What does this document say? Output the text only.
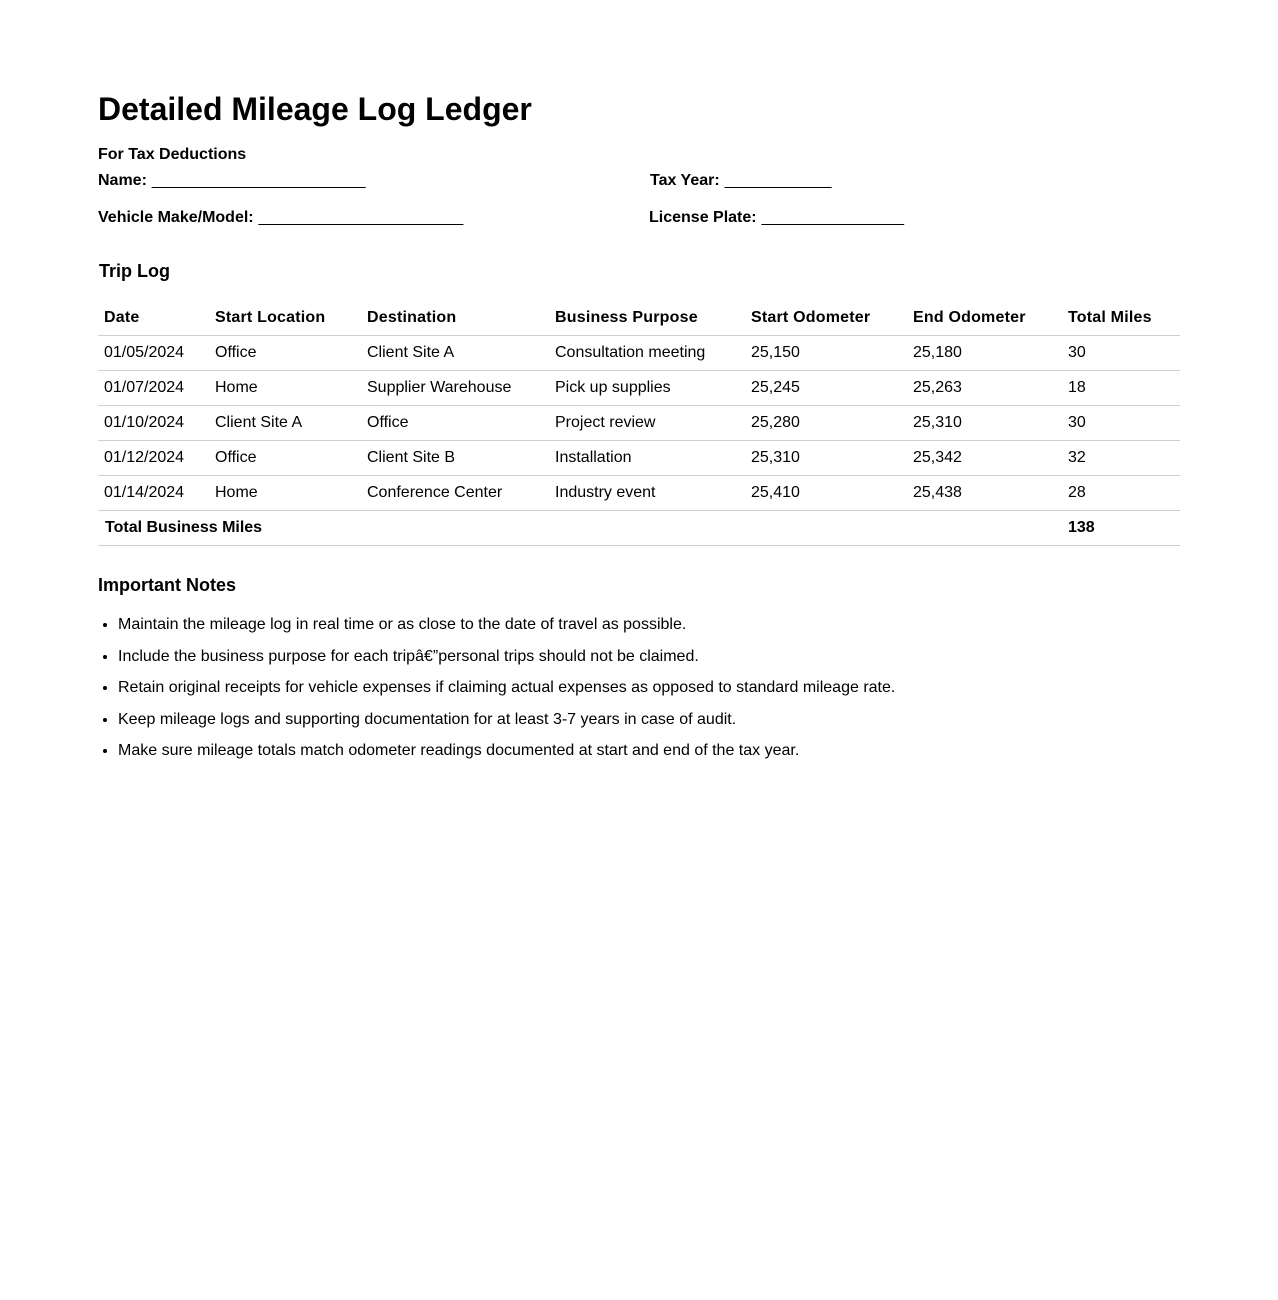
Detailed Mileage Log Ledger
For Tax Deductions
Name: ________________________	Tax Year: ____________
Vehicle Make/Model: _______________________	License Plate: ________________
Trip Log
Date	Start Location	Destination	Business Purpose	Start Odometer	End Odometer	Total Miles
01/05/2024	Office	Client Site A	Consultation meeting	25,150	25,180	30
01/07/2024	Home	Supplier Warehouse	Pick up supplies	25,245	25,263	18
01/10/2024	Client Site A	Office	Project review	25,280	25,310	30
01/12/2024	Office	Client Site B	Installation	25,310	25,342	32
01/14/2024	Home	Conference Center	Industry event	25,410	25,438	28
Total Business Miles						138
Important Notes
• Maintain the mileage log in real time or as close to the date of travel as possible.
• Include the business purpose for each tripâ€”personal trips should not be claimed.
• Retain original receipts for vehicle expenses if claiming actual expenses as opposed to standard mileage rate.
• Keep mileage logs and supporting documentation for at least 3-7 years in case of audit.
• Make sure mileage totals match odometer readings documented at start and end of the tax year.
